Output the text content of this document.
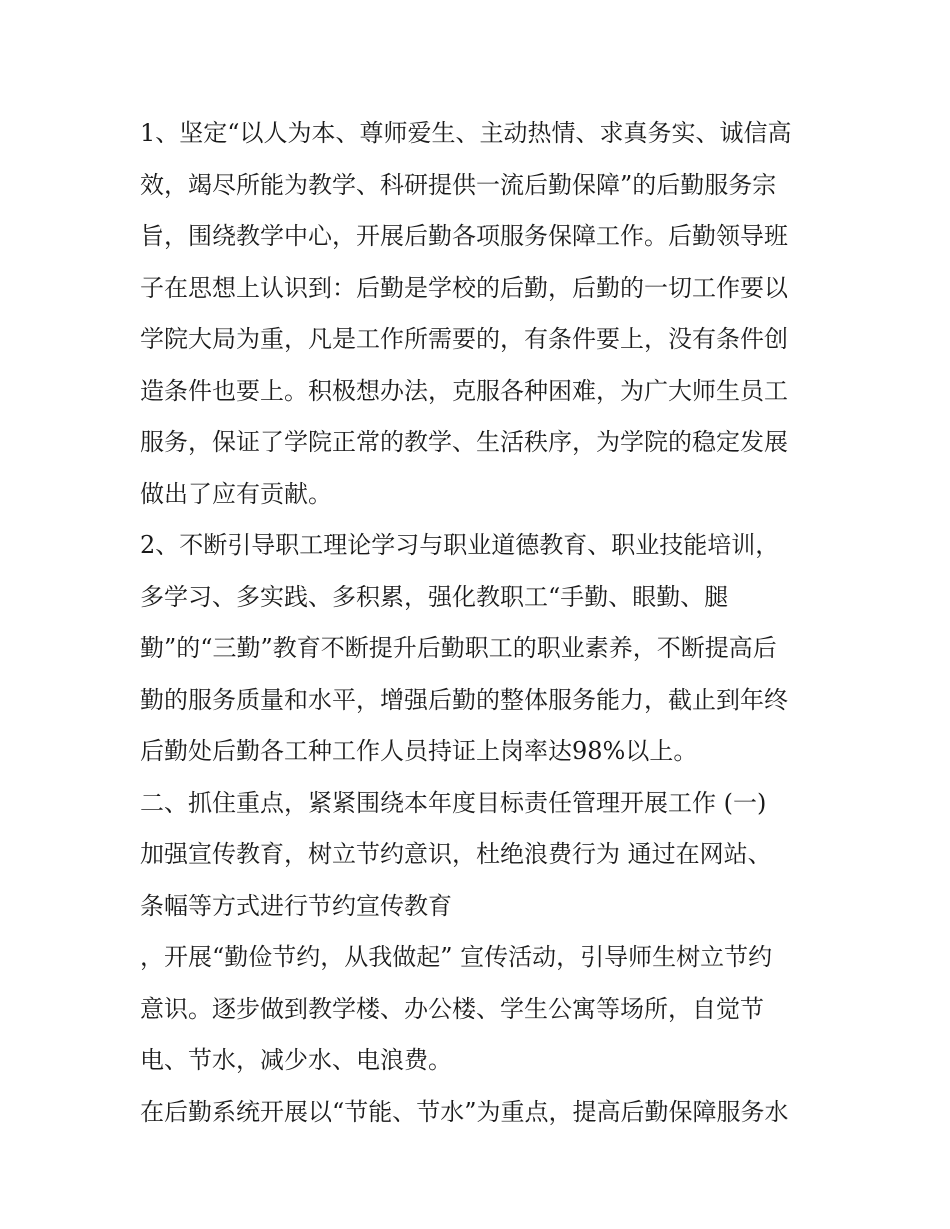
1、坚定“以人为本、尊师爱生、主动热情、求真务实、诚信高
效，竭尽所能为教学、科研提供一流后勤保障”的后勤服务宗
旨，围绕教学中心，开展后勤各项服务保障工作。后勤领导班
子在思想上认识到：后勤是学校的后勤，后勤的一切工作要以
学院大局为重，凡是工作所需要的，有条件要上，没有条件创
造条件也要上。积极想办法，克服各种困难，为广大师生员工
服务，保证了学院正常的教学、生活秩序，为学院的稳定发展
做出了应有贡献。
2、不断引导职工理论学习与职业道德教育、职业技能培训，
多学习、多实践、多积累，强化教职工“手勤、眼勤、腿
勤”的“三勤”教育不断提升后勤职工的职业素养，不断提高后
勤的服务质量和水平，增强后勤的整体服务能力，截止到年终
后勤处后勤各工种工作人员持证上岗率达98%以上。
二、抓住重点，紧紧围绕本年度目标责任管理开展工作 (一)
加强宣传教育，树立节约意识，杜绝浪费行为 通过在网站、
条幅等方式进行节约宣传教育
，开展“勤俭节约，从我做起” 宣传活动，引导师生树立节约
意识。逐步做到教学楼、办公楼、学生公寓等场所，自觉节
电、节水，减少水、电浪费。
在后勤系统开展以“节能、节水”为重点，提高后勤保障服务水
